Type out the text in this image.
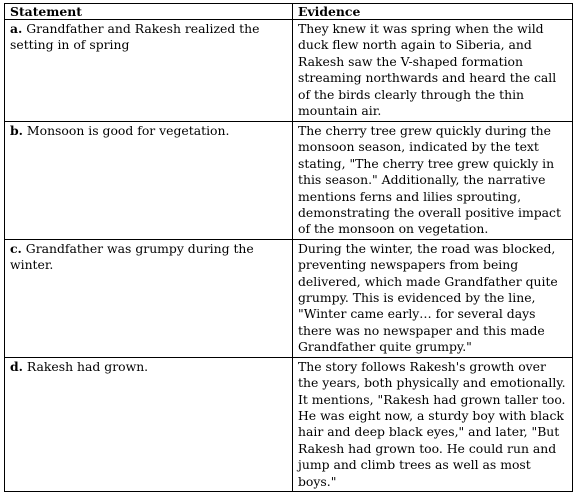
Statement	Evidence
a. Grandfather and Rakesh realized the setting in of spring	They knew it was spring when the wild duck flew north again to Siberia, and Rakesh saw the V-shaped formation streaming northwards and heard the call of the birds clearly through the thin mountain air.
b. Monsoon is good for vegetation.	The cherry tree grew quickly during the monsoon season, indicated by the text stating, "The cherry tree grew quickly in this season." Additionally, the narrative mentions ferns and lilies sprouting, demonstrating the overall positive impact of the monsoon on vegetation.
c. Grandfather was grumpy during the winter.	During the winter, the road was blocked, preventing newspapers from being delivered, which made Grandfather quite grumpy. This is evidenced by the line, "Winter came early… for several days there was no newspaper and this made Grandfather quite grumpy."
d. Rakesh had grown.	The story follows Rakesh's growth over the years, both physically and emotionally. It mentions, "Rakesh had grown taller too. He was eight now, a sturdy boy with black hair and deep black eyes," and later, "But Rakesh had grown too. He could run and jump and climb trees as well as most boys."
